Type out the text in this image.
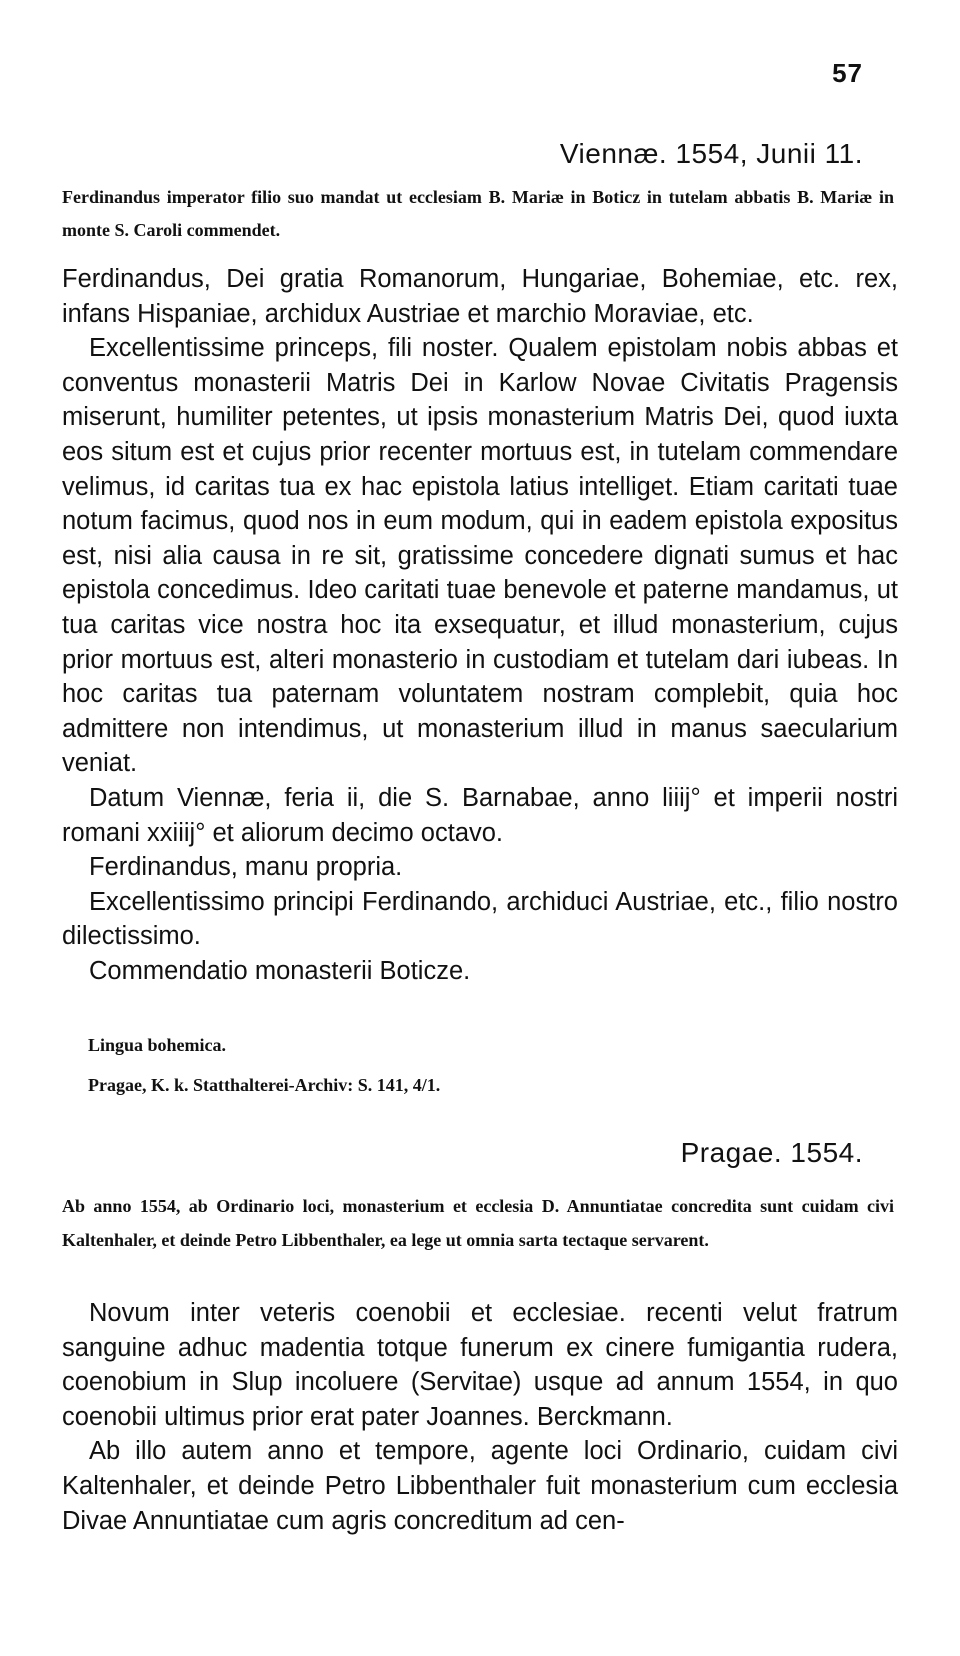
57
Viennæ. 1554, Junii 11.
Ferdinandus imperator filio suo mandat ut ecclesiam B. Mariæ in Boticz in tutelam abbatis B. Mariæ in monte S. Caroli commendet.

Ferdinandus, Dei gratia Romanorum, Hungariae, Bohemiae, etc. rex, infans Hispaniae, archidux Austriae et marchio Moraviae, etc.

Excellentissime princeps, fili noster. Qualem epistolam nobis abbas et conventus monasterii Matris Dei in Karlow Novae Civitatis Pragensis miserunt, humiliter petentes, ut ipsis monasterium Matris Dei, quod iuxta eos situm est et cujus prior recenter mortuus est, in tutelam commendare velimus, id caritas tua ex hac epistola latius intelliget. Etiam caritati tuae notum facimus, quod nos in eum modum, qui in eadem epistola expositus est, nisi alia causa in re sit, gratissime concedere dignati sumus et hac epistola concedimus. Ideo caritati tuae benevole et paterne mandamus, ut tua caritas vice nostra hoc ita exsequatur, et illud monasterium, cujus prior mortuus est, alteri monasterio in custodiam et tutelam dari iubeas. In hoc caritas tua paternam voluntatem nostram complebit, quia hoc admittere non intendimus, ut monasterium illud in manus saecularium veniat.

Datum Viennæ, feria ii, die S. Barnabae, anno liiij° et imperii nostri romani xxiiij° et aliorum decimo octavo.

Ferdinandus, manu propria.

Excellentissimo principi Ferdinando, archiduci Austriae, etc., filio nostro dilectissimo.

Commendatio monasterii Boticze.

Lingua bohemica.
Pragae, K. k. Statthalterei-Archiv: S. 141, 4/1.
Pragae. 1554.
Ab anno 1554, ab Ordinario loci, monasterium et ecclesia D. Annuntiatae concredita sunt cuidam civi Kaltenhaler, et deinde Petro Libbenthaler, ea lege ut omnia sarta tectaque servarent.

Novum inter veteris coenobii et ecclesiae. recenti velut fratrum sanguine adhuc madentia totque funerum ex cinere fumigantia rudera, coenobium in Slup incoluere (Servitae) usque ad annum 1554, in quo coenobii ultimus prior erat pater Joannes. Berckmann.

Ab illo autem anno et tempore, agente loci Ordinario, cuidam civi Kaltenhaler, et deinde Petro Libbenthaler fuit monasterium cum ecclesia Divae Annuntiatae cum agris concreditum ad cen-
